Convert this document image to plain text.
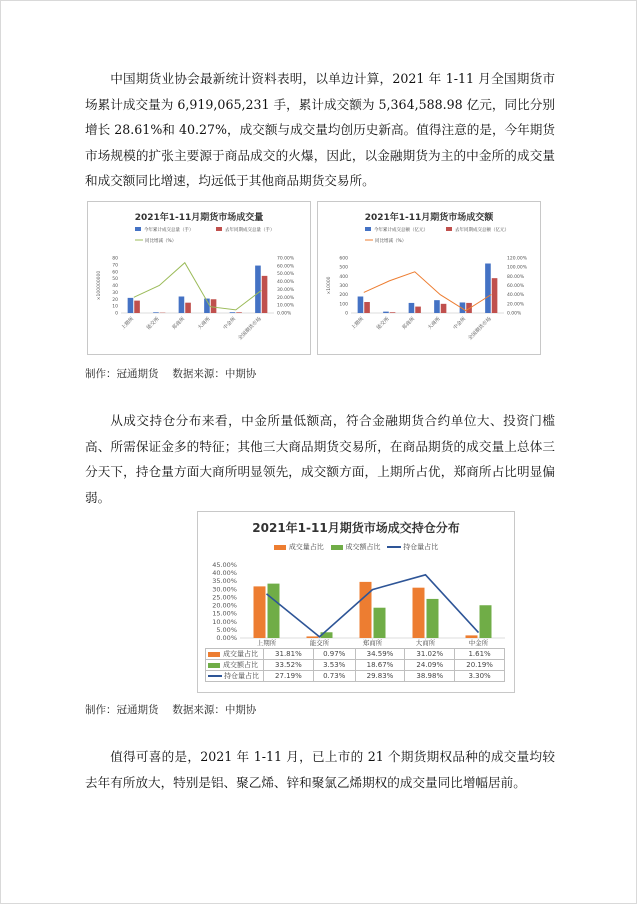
中国期货业协会最新统计资料表明，以单边计算，2021 年 1-11 月全国期货市场累计成交量为 6,919,065,231 手，累计成交额为 5,364,588.98 亿元，同比分别增长 28.61%和 40.27%，成交额与成交量均创历史新高。值得注意的是，今年期货市场规模的扩张主要源于商品成交的火爆，因此，以金融期货为主的中金所的成交量和成交额同比增速，均远低于其他商品期货交易所。

2021年1-11月期货市场成交量
今年累计成交总量（手）	去年同期成交总量（手）
同比增减（%）
80
70
60
50
40
30
20
10
0
70.00%
60.00%
50.00%
40.00%
30.00%
20.00%
10.00%
0.00%
×100000000
上期所 能交所 郑商所 大商所 中金所 全国期货市场
2021年1-11月期货市场成交额
今年累计成交总额（亿元）	去年同期成交总额（亿元）
同比增减（%）
600
500
400
300
200
100
0
120.00%
100.00%
80.00%
60.00%
40.00%
20.00%
0.00%
×10000
上期所 能交所 郑商所 大商所 中金所 全国期货市场
制作：冠通期货　 数据来源：中期协

从成交持仓分布来看，中金所量低额高，符合金融期货合约单位大、投资门槛高、所需保证金多的特征；其他三大商品期货交易所，在商品期货的成交量上总体三分天下，持仓量方面大商所明显领先，成交额方面，上期所占优，郑商所占比明显偏弱。

2021年1-11月期货市场成交持仓分布
成交量占比	成交额占比	持仓量占比
45.00%
40.00%
35.00%
30.00%
25.00%
20.00%
15.00%
10.00%
5.00%
0.00%
上期所	能交所	郑商所	大商所	中金所
成交量占比	31.81%	0.97%	34.59%	31.02%	1.61%
成交额占比	33.52%	3.53%	18.67%	24.09%	20.19%
持仓量占比	27.19%	0.73%	29.83%	38.98%	3.30%
制作：冠通期货　 数据来源：中期协

值得可喜的是，2021 年 1-11 月，已上市的 21 个期货期权品种的成交量均较去年有所放大，特别是铝、聚乙烯、锌和聚氯乙烯期权的成交量同比增幅居前。
